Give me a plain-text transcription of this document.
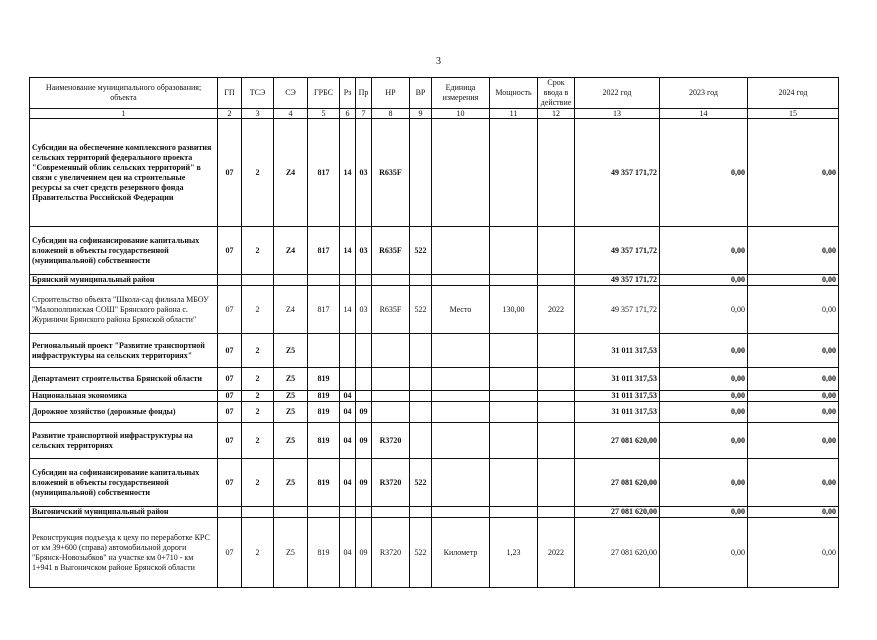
3
Наименование муниципального образования; объекта	ГП	ТСЭ	СЭ	ГРБС	Рз	Пр	НР	ВР	Единица измерения	Мощность	Срок ввода в действие	2022 год	2023 год	2024 год
1	2	3	4	5	6	7	8	9	10	11	12	13	14	15
Субсидии на обеспечение комплексного развития сельских территорий федерального проекта "Современный облик сельских территорий" в связи с увеличением цен на строительные ресурсы за счет средств резервного фонда Правительства Российской Федерации	07	2	Z4	817	14	03	R635F					49 357 171,72	0,00	0,00
Субсидии на софинансирование капитальных вложений в объекты государственной (муниципальной) собственности	07	2	Z4	817	14	03	R635F	522				49 357 171,72	0,00	0,00
Брянский муниципальный район												49 357 171,72	0,00	0,00
Строительство объекта "Школа-сад филиала МБОУ "Малополпинская СОШ" Брянского района с. Журиничи Брянского района Брянской области"	07	2	Z4	817	14	03	R635F	522	Место	130,00	2022	49 357 171,72	0,00	0,00
Региональный проект "Развитие транспортной инфраструктуры на сельских территориях"	07	2	Z5									31 011 317,53	0,00	0,00
Департамент строительства Брянской области	07	2	Z5	819								31 011 317,53	0,00	0,00
Национальная экономика	07	2	Z5	819	04							31 011 317,53	0,00	0,00
Дорожное хозяйство (дорожные фонды)	07	2	Z5	819	04	09						31 011 317,53	0,00	0,00
Развитие транспортной инфраструктуры на сельских территориях	07	2	Z5	819	04	09	R3720					27 081 620,00	0,00	0,00
Субсидии на софинансирование капитальных вложений в объекты государственной (муниципальной) собственности	07	2	Z5	819	04	09	R3720	522				27 081 620,00	0,00	0,00
Выгоничский муниципальный район												27 081 620,00	0,00	0,00
Реконструкция подъезда к цеху по переработке КРС от км 39+600 (справа) автомобильной дороги "Брянск-Новозыбков" на участке км 0+710 - км 1+941 в Выгоничском районе Брянской области	07	2	Z5	819	04	09	R3720	522	Километр	1,23	2022	27 081 620,00	0,00	0,00
